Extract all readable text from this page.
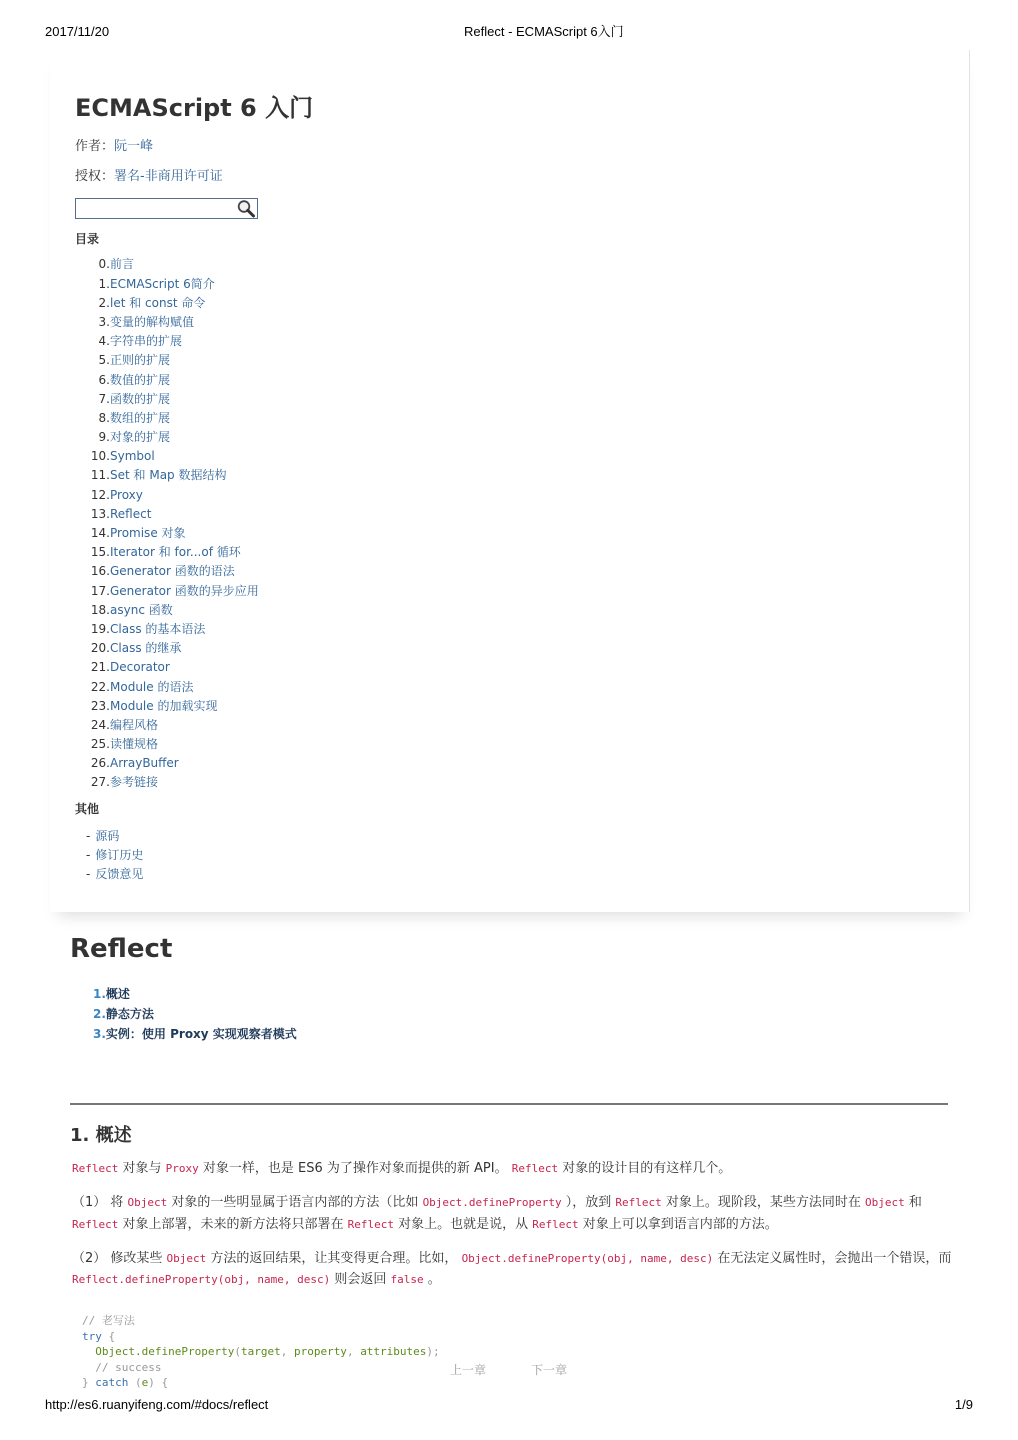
2017/11/20	Reflect - ECMAScript 6入门
ECMAScript 6 入门
作者：阮一峰
授权：署名-非商用许可证
目录
0. 前言
1. ECMAScript 6简介
2. let 和 const 命令
3. 变量的解构赋值
4. 字符串的扩展
5. 正则的扩展
6. 数值的扩展
7. 函数的扩展
8. 数组的扩展
9. 对象的扩展
10. Symbol
11. Set 和 Map 数据结构
12. Proxy
13. Reflect
14. Promise 对象
15. Iterator 和 for...of 循环
16. Generator 函数的语法
17. Generator 函数的异步应用
18. async 函数
19. Class 的基本语法
20. Class 的继承
21. Decorator
22. Module 的语法
23. Module 的加载实现
24. 编程风格
25. 读懂规格
26. ArrayBuffer
27. 参考链接
其他
- 源码
- 修订历史
- 反馈意见
Reflect
1.概述
2.静态方法
3.实例：使用 Proxy 实现观察者模式
1. 概述

Reflect 对象与 Proxy 对象一样，也是 ES6 为了操作对象而提供的新 API。 Reflect 对象的设计目的有这样几个。

（1） 将 Object 对象的一些明显属于语言内部的方法（比如 Object.defineProperty ），放到 Reflect 对象上。现阶段，某些方法同时在 Object 和
Reflect 对象上部署，未来的新方法将只部署在 Reflect 对象上。也就是说，从 Reflect 对象上可以拿到语言内部的方法。

（2） 修改某些 Object 方法的返回结果，让其变得更合理。比如， Object.defineProperty(obj, name, desc) 在无法定义属性时，会抛出一个错误，而
Reflect.defineProperty(obj, name, desc) 则会返回 false 。

// 老写法
try {
Object.defineProperty(target, property, attributes);
// success
} catch (e) {
上一章	下一章
http://es6.ruanyifeng.com/#docs/reflect	1/9
